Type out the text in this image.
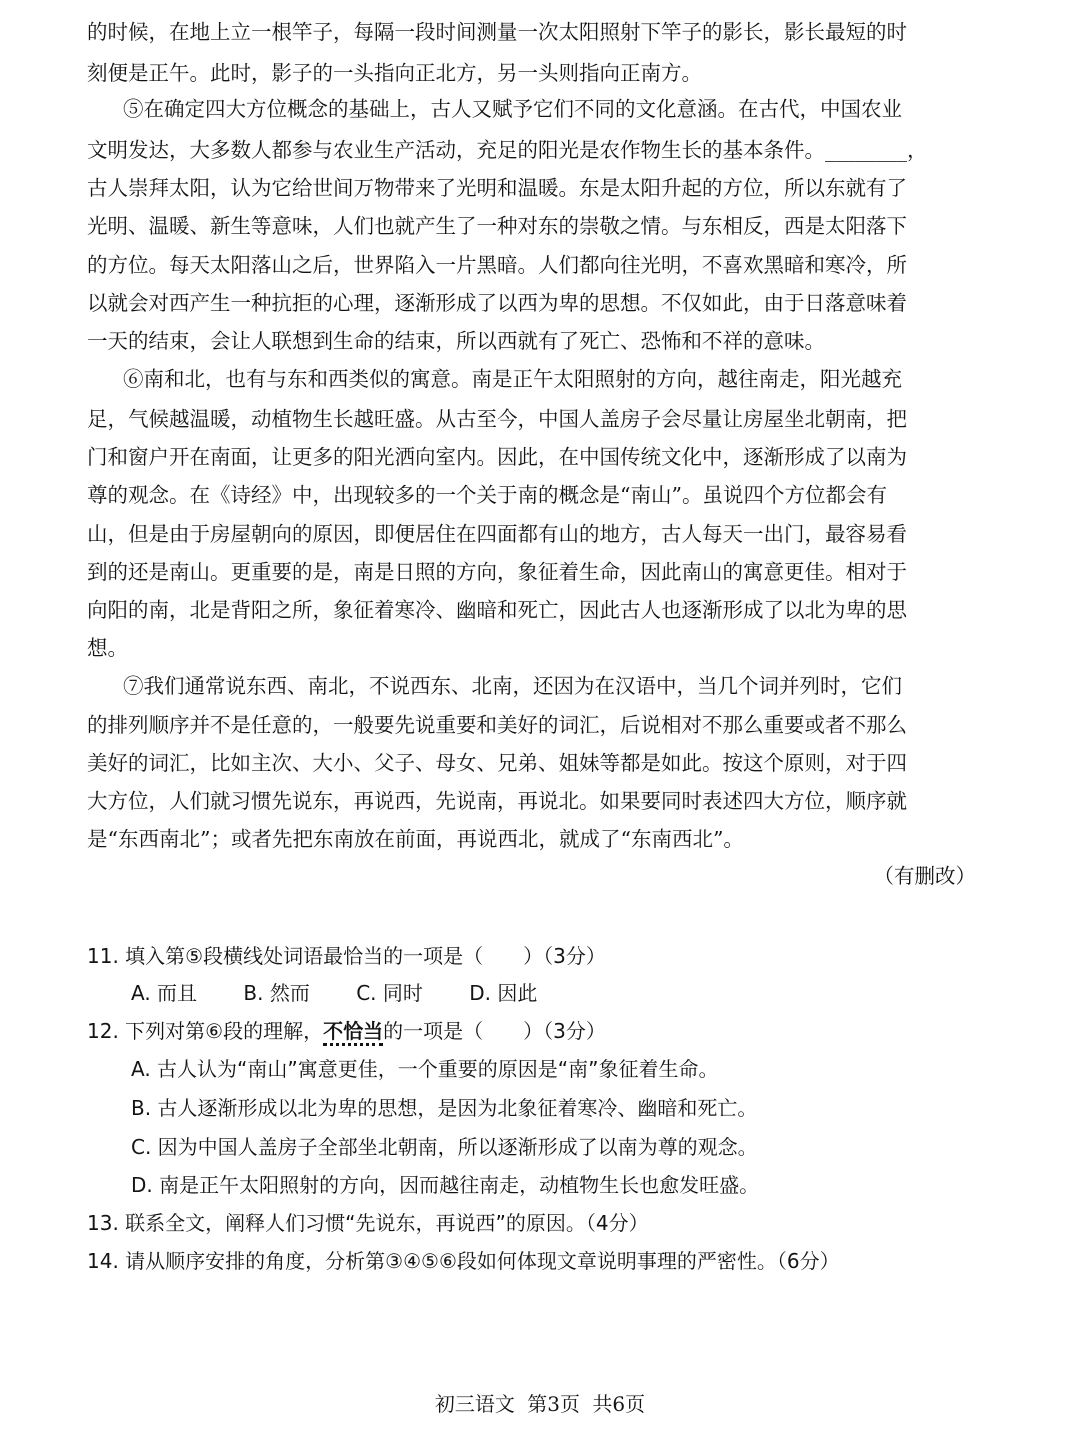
的时候，在地上立一根竿子，每隔一段时间测量一次太阳照射下竿子的影长，影长最短的时
刻便是正午。此时，影子的一头指向正北方，另一头则指向正南方。
⑤在确定四大方位概念的基础上，古人又赋予它们不同的文化意涵。在古代，中国农业
文明发达，大多数人都参与农业生产活动，充足的阳光是农作物生长的基本条件。________，
古人崇拜太阳，认为它给世间万物带来了光明和温暖。东是太阳升起的方位，所以东就有了
光明、温暖、新生等意味，人们也就产生了一种对东的崇敬之情。与东相反，西是太阳落下
的方位。每天太阳落山之后，世界陷入一片黑暗。人们都向往光明，不喜欢黑暗和寒冷，所
以就会对西产生一种抗拒的心理，逐渐形成了以西为卑的思想。不仅如此，由于日落意味着
一天的结束，会让人联想到生命的结束，所以西就有了死亡、恐怖和不祥的意味。
⑥南和北，也有与东和西类似的寓意。南是正午太阳照射的方向，越往南走，阳光越充
足，气候越温暖，动植物生长越旺盛。从古至今，中国人盖房子会尽量让房屋坐北朝南，把
门和窗户开在南面，让更多的阳光洒向室内。因此，在中国传统文化中，逐渐形成了以南为
尊的观念。在《诗经》中，出现较多的一个关于南的概念是“南山”。虽说四个方位都会有
山，但是由于房屋朝向的原因，即便居住在四面都有山的地方，古人每天一出门，最容易看
到的还是南山。更重要的是，南是日照的方向，象征着生命，因此南山的寓意更佳。相对于
向阳的南，北是背阳之所，象征着寒冷、幽暗和死亡，因此古人也逐渐形成了以北为卑的思
想。
⑦我们通常说东西、南北，不说西东、北南，还因为在汉语中，当几个词并列时，它们
的排列顺序并不是任意的，一般要先说重要和美好的词汇，后说相对不那么重要或者不那么
美好的词汇，比如主次、大小、父子、母女、兄弟、姐妹等都是如此。按这个原则，对于四
大方位，人们就习惯先说东，再说西，先说南，再说北。如果要同时表述四大方位，顺序就
是“东西南北”；或者先把东南放在前面，再说西北，就成了“东南西北”。
（有删改）
11. 填入第⑤段横线处词语最恰当的一项是（　　）（3分）
A. 而且 B. 然而 C. 同时 D. 因此
12. 下列对第⑥段的理解，不恰当的一项是（　　）（3分）
A. 古人认为“南山”寓意更佳，一个重要的原因是“南”象征着生命。
B. 古人逐渐形成以北为卑的思想，是因为北象征着寒冷、幽暗和死亡。
C. 因为中国人盖房子全部坐北朝南，所以逐渐形成了以南为尊的观念。
D. 南是正午太阳照射的方向，因而越往南走，动植物生长也愈发旺盛。
13. 联系全文，阐释人们习惯“先说东，再说西”的原因。（4分）
14. 请从顺序安排的角度，分析第③④⑤⑥段如何体现文章说明事理的严密性。（6分）
初三语文 第3页 共6页
